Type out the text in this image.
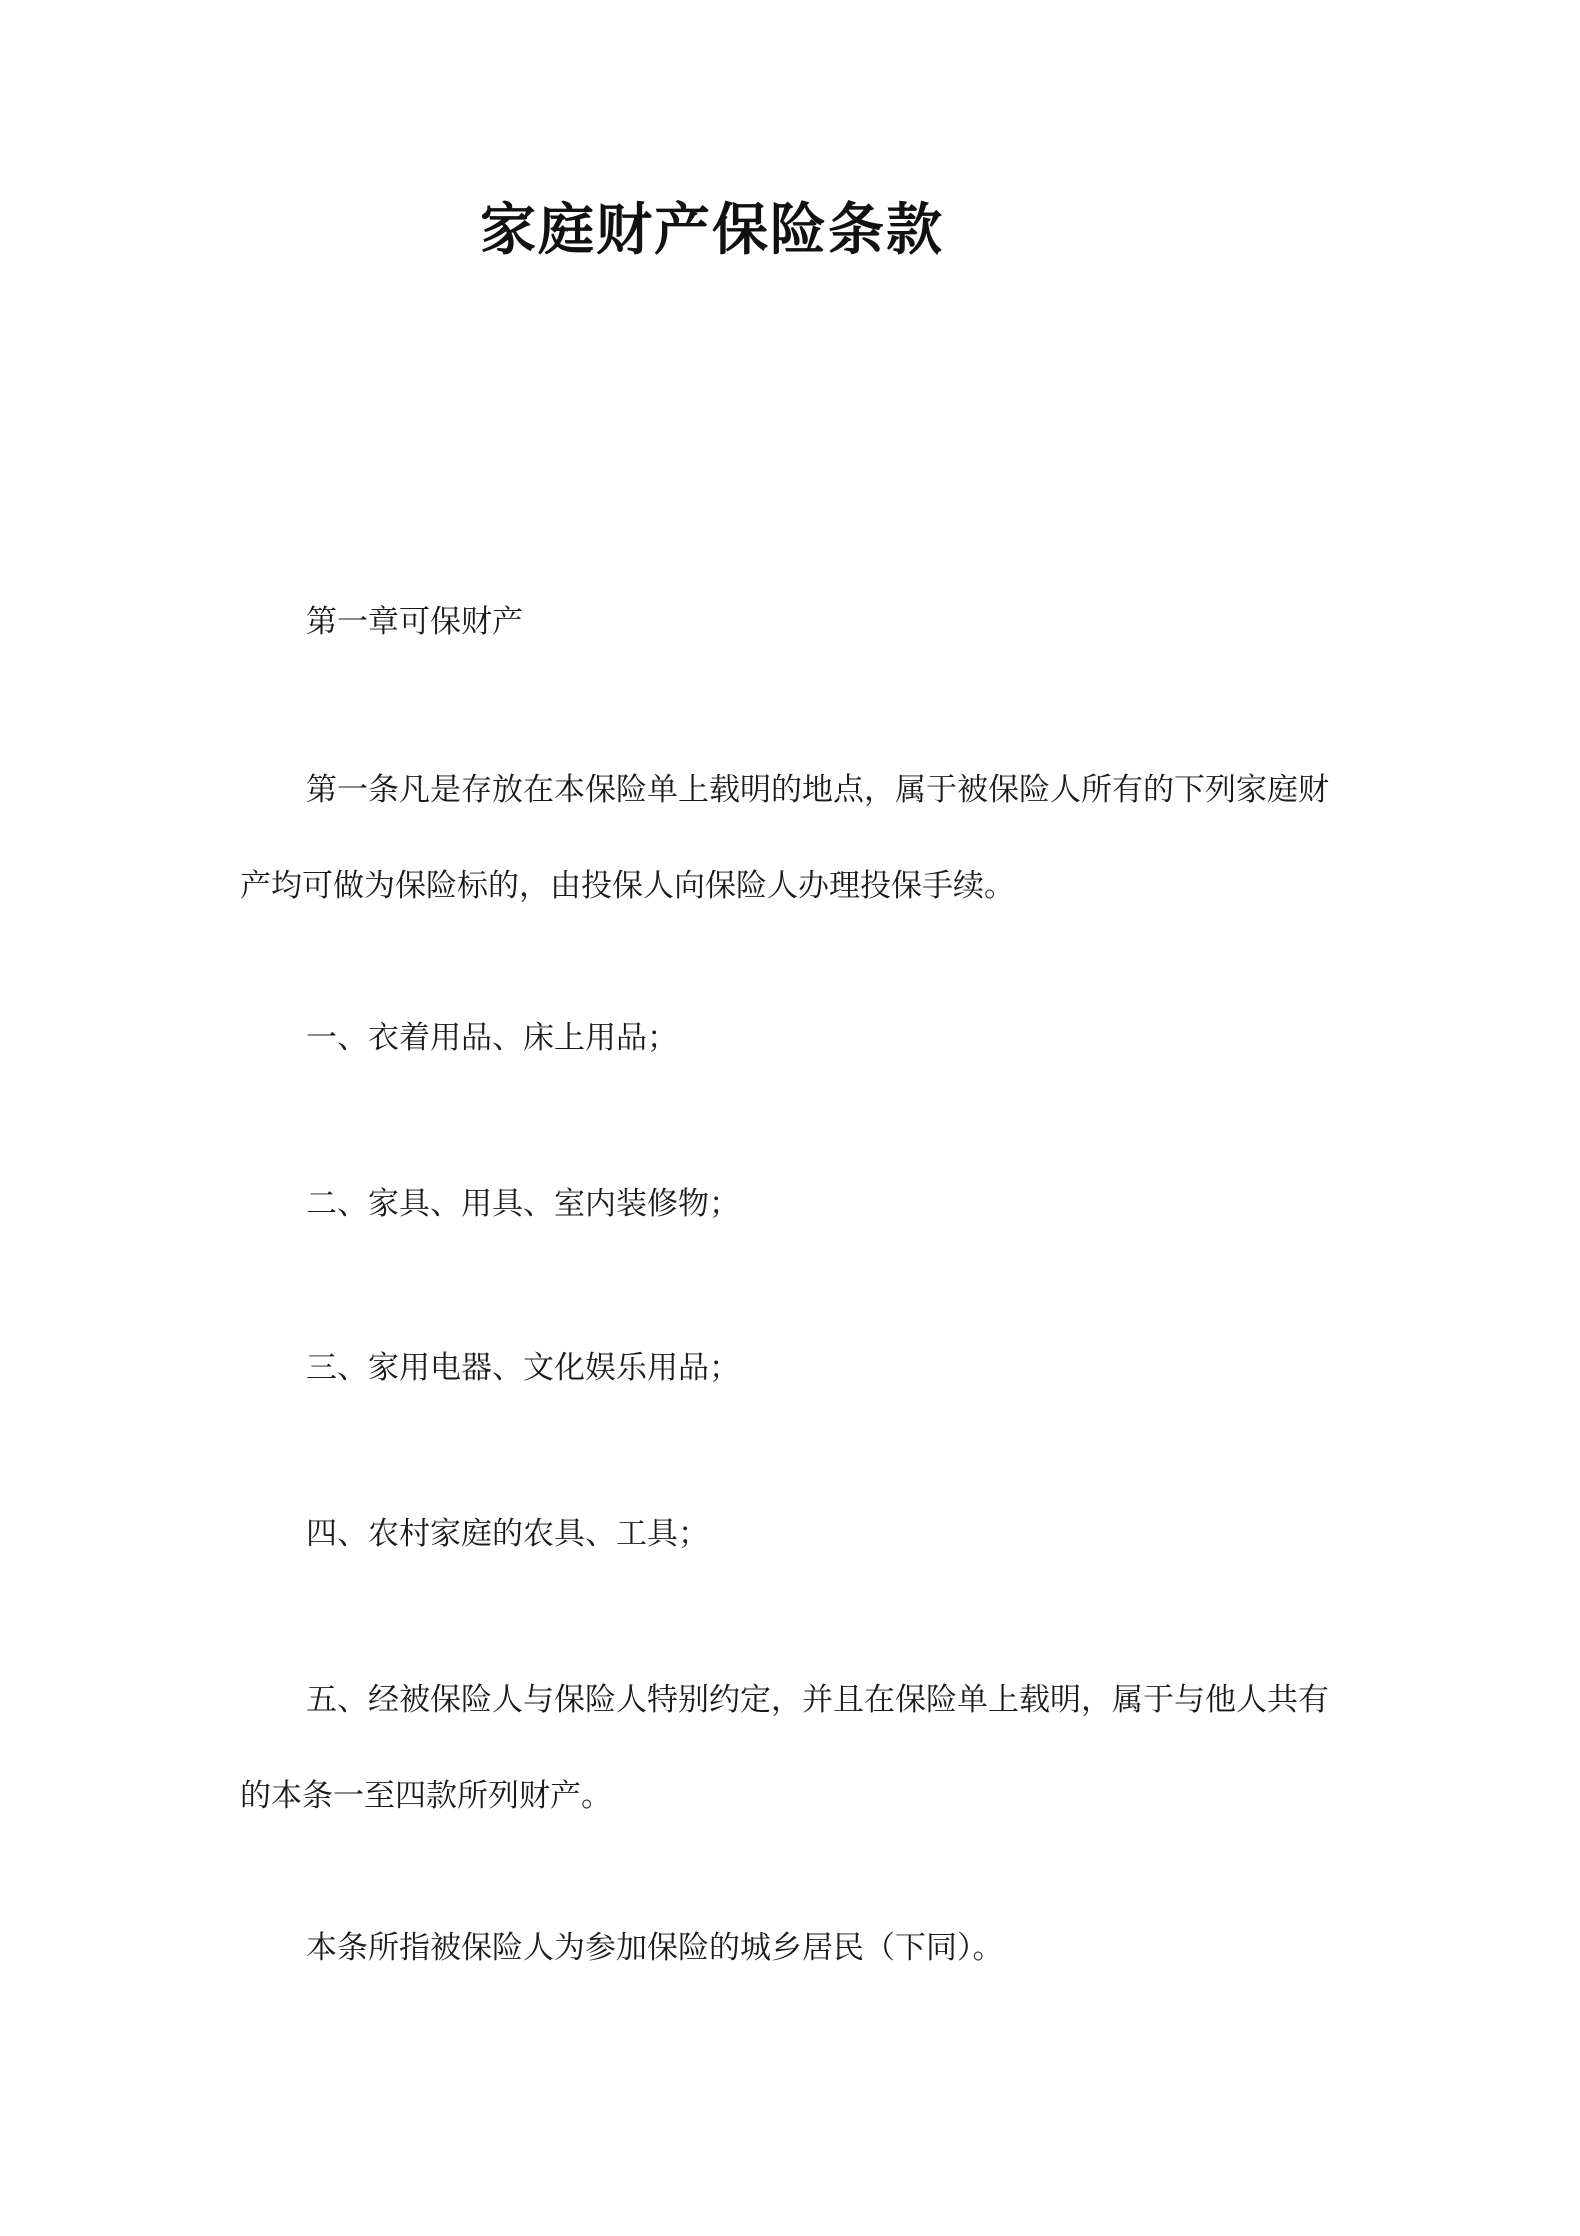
家庭财产保险条款

第一章可保财产

第一条凡是存放在本保险单上载明的地点，属于被保险人所有的下列家庭财产均可做为保险标的，由投保人向保险人办理投保手续。

一、衣着用品、床上用品；

二、家具、用具、室内装修物；

三、家用电器、文化娱乐用品；

四、农村家庭的农具、工具；

五、经被保险人与保险人特别约定，并且在保险单上载明，属于与他人共有的本条一至四款所列财产。

本条所指被保险人为参加保险的城乡居民（下同）。
